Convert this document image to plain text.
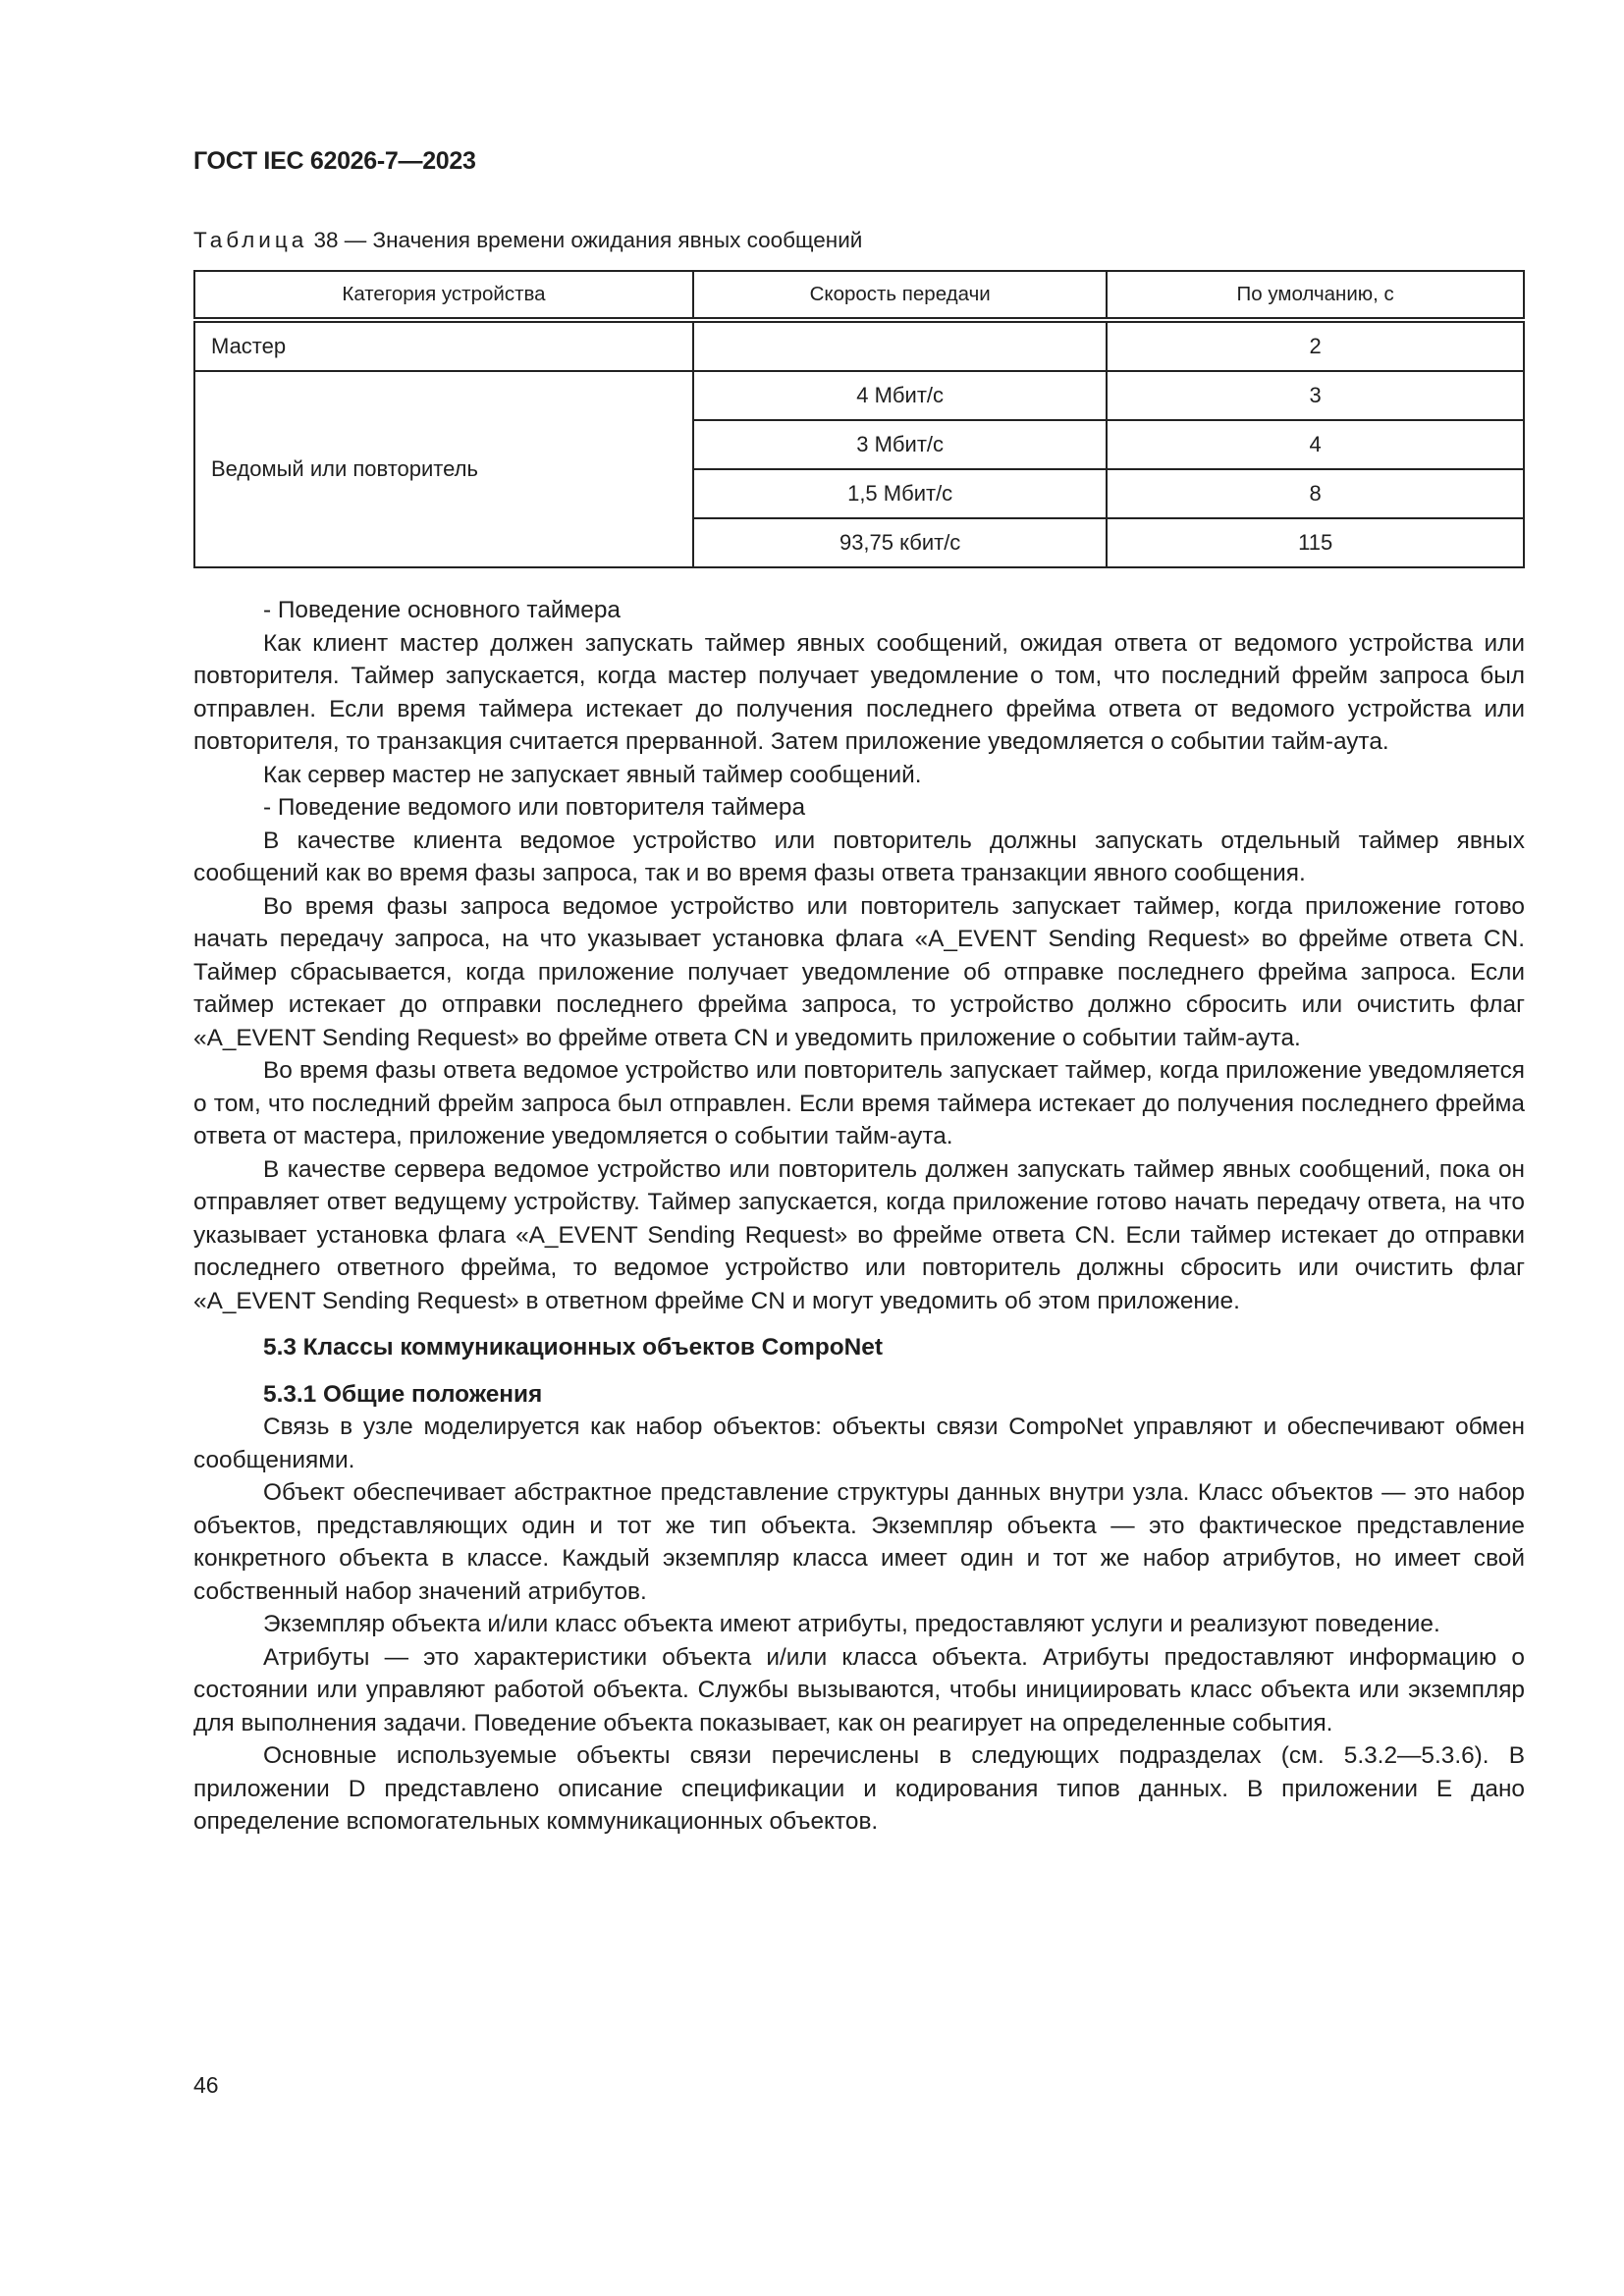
ГОСТ IEC 62026-7—2023
Таблица 38 — Значения времени ожидания явных сообщений
Категория устройства	Скорость передачи	По умолчанию, с
Мастер		2
Ведомый или повторитель	4 Мбит/с	3
	3 Мбит/с	4
	1,5 Мбит/с	8
	93,75 кбит/с	115

- Поведение основного таймера

Как клиент мастер должен запускать таймер явных сообщений, ожидая ответа от ведомого устройства или повторителя. Таймер запускается, когда мастер получает уведомление о том, что последний фрейм запроса был отправлен. Если время таймера истекает до получения последнего фрейма ответа от ведомого устройства или повторителя, то транзакция считается прерванной. Затем приложение уведомляется о событии тайм-аута.

Как сервер мастер не запускает явный таймер сообщений.

- Поведение ведомого или повторителя таймера

В качестве клиента ведомое устройство или повторитель должны запускать отдельный таймер явных сообщений как во время фазы запроса, так и во время фазы ответа транзакции явного сообщения.

Во время фазы запроса ведомое устройство или повторитель запускает таймер, когда приложение готово начать передачу запроса, на что указывает установка флага «A_EVENT Sending Request» во фрейме ответа CN. Таймер сбрасывается, когда приложение получает уведомление об отправке последнего фрейма запроса. Если таймер истекает до отправки последнего фрейма запроса, то устройство должно сбросить или очистить флаг «A_EVENT Sending Request» во фрейме ответа CN и уведомить приложение о событии тайм-аута.

Во время фазы ответа ведомое устройство или повторитель запускает таймер, когда приложение уведомляется о том, что последний фрейм запроса был отправлен. Если время таймера истекает до получения последнего фрейма ответа от мастера, приложение уведомляется о событии тайм-аута.

В качестве сервера ведомое устройство или повторитель должен запускать таймер явных сообщений, пока он отправляет ответ ведущему устройству. Таймер запускается, когда приложение готово начать передачу ответа, на что указывает установка флага «A_EVENT Sending Request» во фрейме ответа CN. Если таймер истекает до отправки последнего ответного фрейма, то ведомое устройство или повторитель должны сбросить или очистить флаг «A_EVENT Sending Request» в ответном фрейме CN и могут уведомить об этом приложение.

5.3 Классы коммуникационных объектов CompoNet
5.3.1 Общие положения

Связь в узле моделируется как набор объектов: объекты связи CompoNet управляют и обеспечивают обмен сообщениями.

Объект обеспечивает абстрактное представление структуры данных внутри узла. Класс объектов — это набор объектов, представляющих один и тот же тип объекта. Экземпляр объекта — это фактическое представление конкретного объекта в классе. Каждый экземпляр класса имеет один и тот же набор атрибутов, но имеет свой собственный набор значений атрибутов.

Экземпляр объекта и/или класс объекта имеют атрибуты, предоставляют услуги и реализуют поведение.

Атрибуты — это характеристики объекта и/или класса объекта. Атрибуты предоставляют информацию о состоянии или управляют работой объекта. Службы вызываются, чтобы инициировать класс объекта или экземпляр для выполнения задачи. Поведение объекта показывает, как он реагирует на определенные события.

Основные используемые объекты связи перечислены в следующих подразделах (см. 5.3.2—5.3.6). В приложении D представлено описание спецификации и кодирования типов данных. В приложении E дано определение вспомогательных коммуникационных объектов.

46
